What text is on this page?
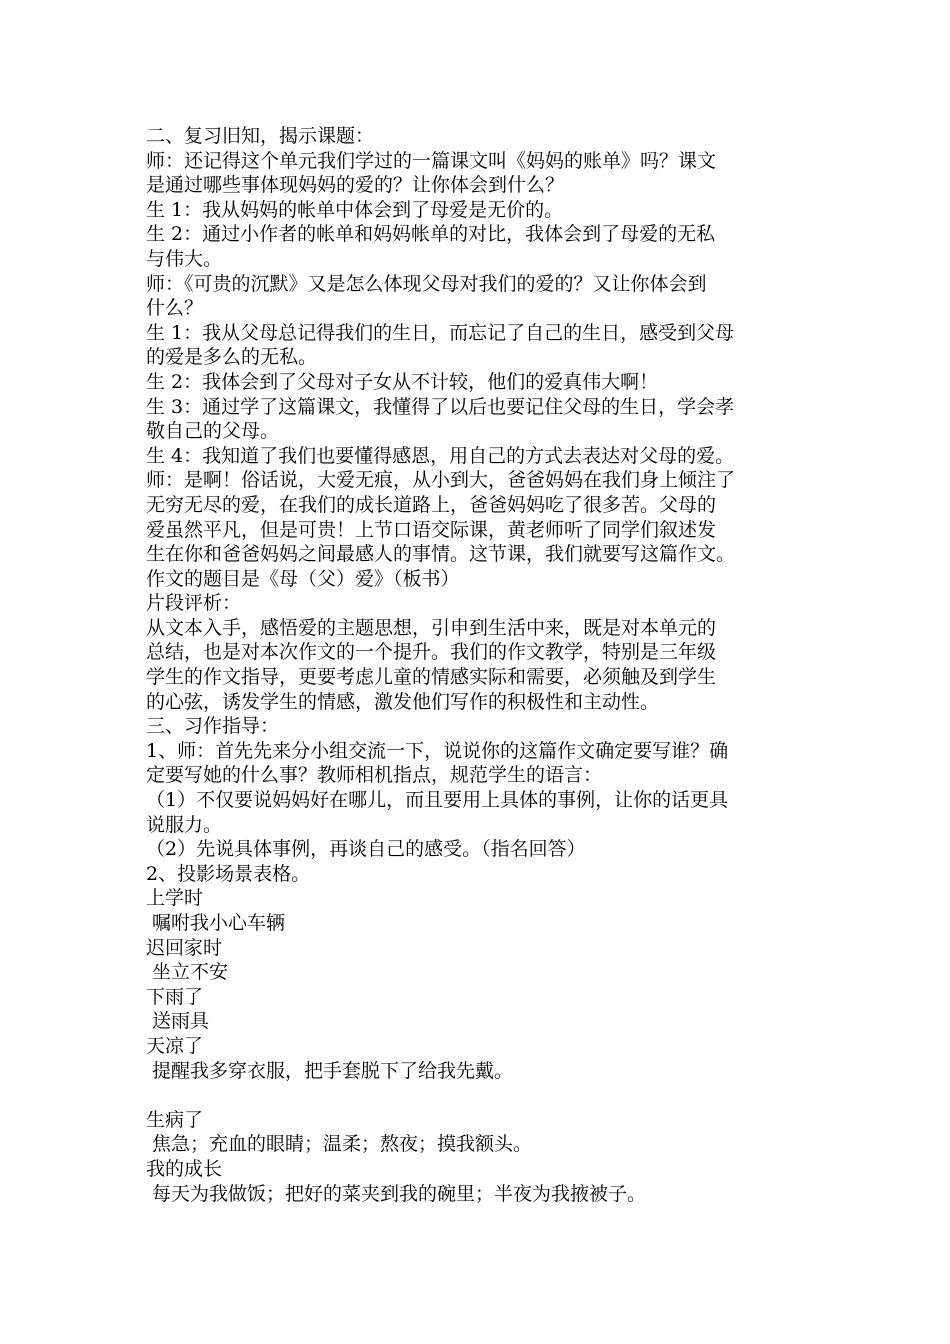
二、复习旧知，揭示课题：
师：还记得这个单元我们学过的一篇课文叫《妈妈的账单》吗？课文
是通过哪些事体现妈妈的爱的？让你体会到什么？
生 1：我从妈妈的帐单中体会到了母爱是无价的。
生 2：通过小作者的帐单和妈妈帐单的对比，我体会到了母爱的无私
与伟大。
师：《可贵的沉默》又是怎么体现父母对我们的爱的？又让你体会到
什么？
生 1：我从父母总记得我们的生日，而忘记了自己的生日，感受到父母
的爱是多么的无私。
生 2：我体会到了父母对子女从不计较，他们的爱真伟大啊！
生 3：通过学了这篇课文，我懂得了以后也要记住父母的生日，学会孝
敬自己的父母。
生 4：我知道了我们也要懂得感恩，用自己的方式去表达对父母的爱。
师：是啊！俗话说，大爱无痕，从小到大，爸爸妈妈在我们身上倾注了
无穷无尽的爱，在我们的成长道路上，爸爸妈妈吃了很多苦。父母的
爱虽然平凡，但是可贵！上节口语交际课，黄老师听了同学们叙述发
生在你和爸爸妈妈之间最感人的事情。这节课，我们就要写这篇作文。
作文的题目是《母（父）爱》（板书）
片段评析：
从文本入手，感悟爱的主题思想，引申到生活中来，既是对本单元的
总结，也是对本次作文的一个提升。我们的作文教学，特别是三年级
学生的作文指导，更要考虑儿童的情感实际和需要，必须触及到学生
的心弦，诱发学生的情感，激发他们写作的积极性和主动性。
三、习作指导：
1、师：首先先来分小组交流一下，说说你的这篇作文确定要写谁？确
定要写她的什么事？教师相机指点，规范学生的语言：
（1）不仅要说妈妈好在哪儿，而且要用上具体的事例，让你的话更具
说服力。
（2）先说具体事例，再谈自己的感受。（指名回答）
2、投影场景表格。
上学时
嘱咐我小心车辆
迟回家时
坐立不安
下雨了
送雨具
天凉了
提醒我多穿衣服，把手套脱下了给我先戴。
生病了
焦急；充血的眼睛；温柔；熬夜；摸我额头。
我的成长
每天为我做饭；把好的菜夹到我的碗里；半夜为我掖被子。
